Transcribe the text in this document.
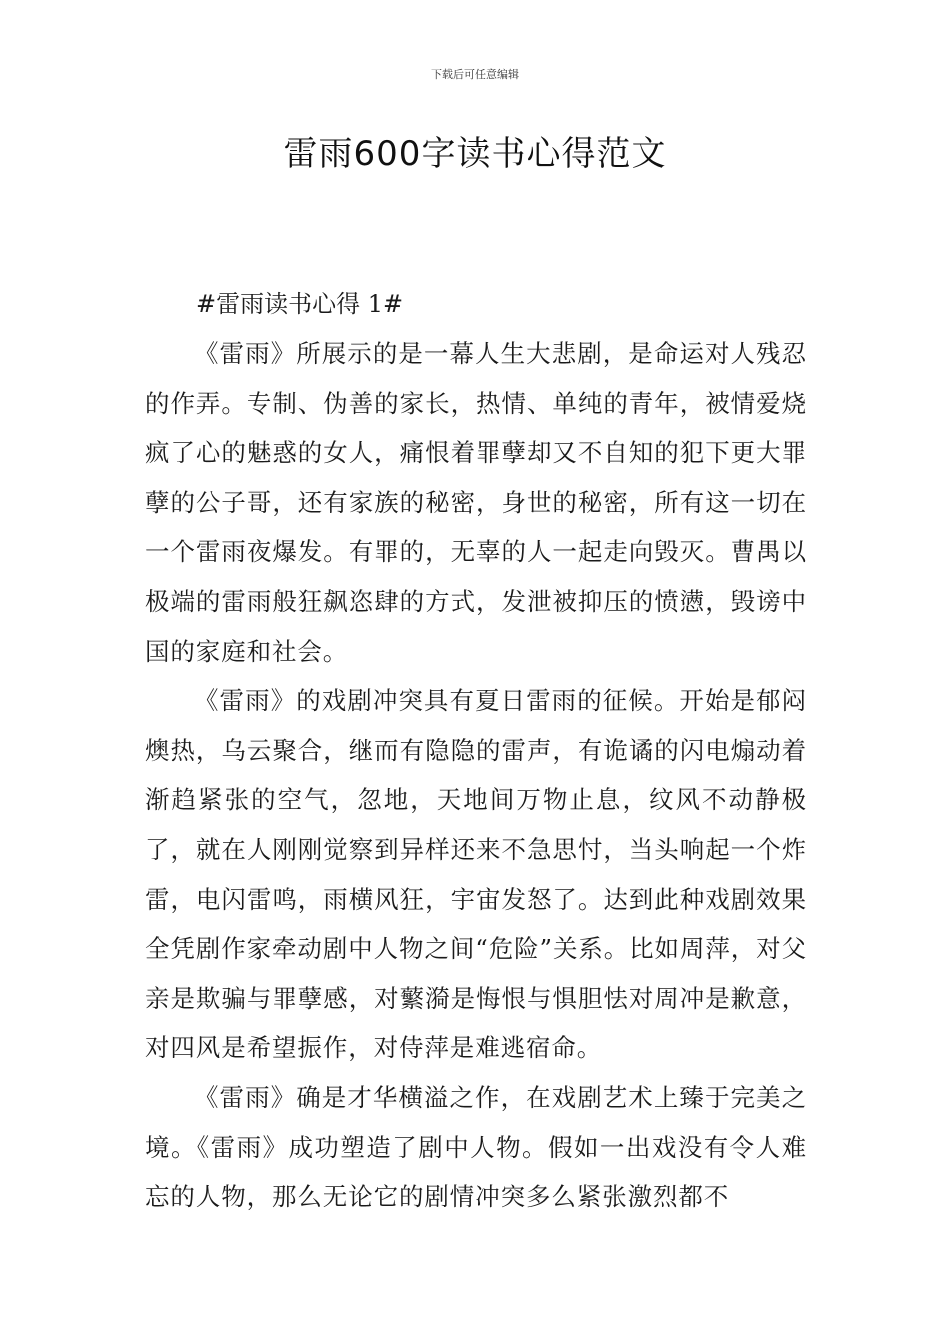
下载后可任意编辑
雷雨600字读书心得范文

#雷雨读书心得 1#

《雷雨》所展示的是一幕人生大悲剧，是命运对人残忍的作弄。专制、伪善的家长，热情、单纯的青年，被情爱烧疯了心的魅惑的女人，痛恨着罪孽却又不自知的犯下更大罪孽的公子哥，还有家族的秘密，身世的秘密，所有这一切在一个雷雨夜爆发。有罪的，无辜的人一起走向毁灭。曹禺以极端的雷雨般狂飙恣肆的方式，发泄被抑压的愤懑，毁谤中国的家庭和社会。

《雷雨》的戏剧冲突具有夏日雷雨的征候。开始是郁闷燠热，乌云聚合，继而有隐隐的雷声，有诡谲的闪电煽动着渐趋紧张的空气，忽地，天地间万物止息，纹风不动静极了，就在人刚刚觉察到异样还来不急思忖，当头响起一个炸雷，电闪雷鸣，雨横风狂，宇宙发怒了。达到此种戏剧效果全凭剧作家牵动剧中人物之间“危险”关系。比如周萍，对父亲是欺骗与罪孽感，对蘩漪是悔恨与惧胆怯对周冲是歉意，对四风是希望振作，对侍萍是难逃宿命。

《雷雨》确是才华横溢之作，在戏剧艺术上臻于完美之境。《雷雨》成功塑造了剧中人物。假如一出戏没有令人难忘的人物，那么无论它的剧情冲突多么紧张激烈都不
